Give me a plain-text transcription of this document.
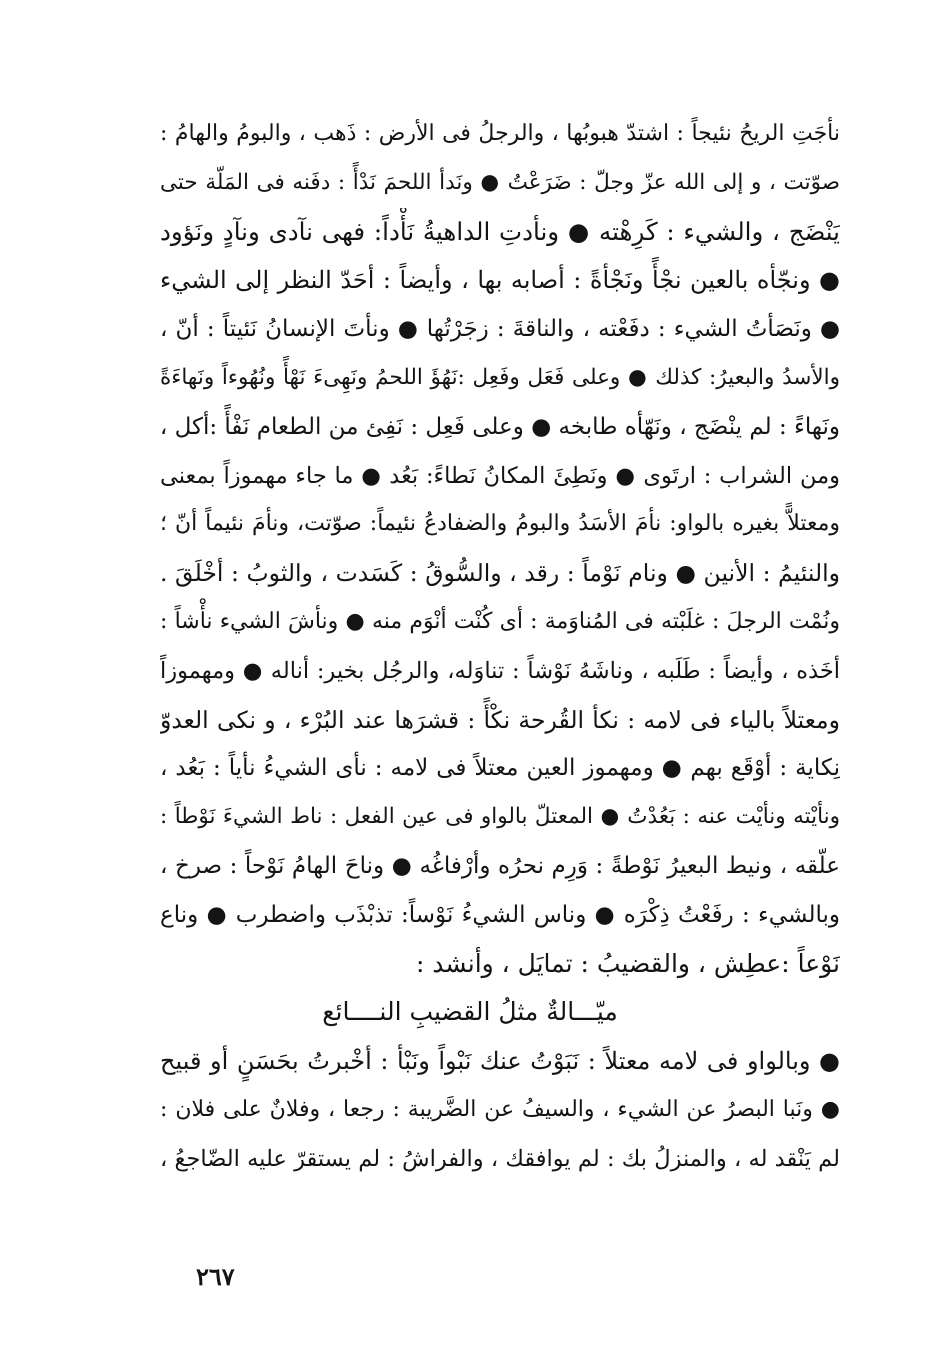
نأجَتِ الريحُ نئيجاً : اشتدّ هبوبُها ، والرجلُ فى الأرض : ذَهب ، والبومُ والهامُ :
صوّتت ، و إلى الله عزّ وجلّ : ضَرَعْتُ ● ونَدأ اللحمَ نَدْأً : دفَنه فى المَلّة حتى
يَنْضَج ، والشيء : كَرِهْته ● ونأدتِ الداهيةُ نَأْداً: فهى نآدى ونآدٍ ونَؤود
● ونجّأه بالعين نجْأً ونَجْأةً : أصابه بها ، وأيضاً : أحَدّ النظر إلى الشيء
● ونَصَأتُ الشيء : دفَعْته ، والناقةَ : زجَرْتُها ● ونأتَ الإنسانُ نَئيتاً : أنّ ،
والأسدُ والبعيرُ: كذلك ● وعلى فَعَل وفَعِل :نَهُؤَ اللحمُ ونَهِىءَ نَهْأً ونُهُوءاً ونَهاءَةً
ونَهاءً : لم ينْضَج ، ونَهّأه طابخه ● وعلى فَعِل : نَفِئ من الطعام نَفْأً :أكل ،
ومن الشراب : ارتَوى ● ونَطِئَ المكانُ نَطاءً: بَعُد ● ما جاء مهموزاً بمعنى
ومعتلاًّ بغيره بالواو: نأمَ الأسَدُ والبومُ والضفادعُ نئيماً: صوّتت، ونأمَ نئيماً أنّ ؛
والنئيمُ : الأنين ● ونام نَوْماً : رقد ، والسُّوقُ : كَسَدت ، والثوبُ : أخْلَقَ .
ونُمْت الرجلَ : غلَبْته فى المُناوَمة : أى كُنْت أنْوَم منه ● ونأشَ الشيء نأْشاً :
أخَذه ، وأيضاً : طَلَبه ، وناشَهُ نَوْشاً : تناوَله، والرجُل بخير: أناله ● ومهموزاً
ومعتلاً بالياء فى لامه : نكأ القُرحة نكْأً : قشرَها عند البُرْء ، و نكى العدوّ
نِكاية : أوْقَع بهم ● ومهموز العين معتلاً فى لامه : نأى الشيءُ نأياً : بَعُد ،
ونأيْته ونأيْت عنه : بَعُدْتُ ● المعتلّ بالواو فى عين الفعل : ناط الشيءَ نَوْطاً :
علّقه ، ونيط البعيرُ نَوْطةً : وَرِم نحرُه وأرْفاغُه ● وناحَ الهامُ نَوْحاً : صرخ ،
وبالشيء : رفَعْتُ ذِكْرَه ● وناس الشيءُ نَوْساً: تذبْذَب واضطرب ● وناع
نَوْعاً :عطِش ، والقضيبُ : تمايَل ، وأنشد :
ميّـــالةٌ مثلُ القضيبِ النــــائع
● وبالواو فى لامه معتلاً : نَبَوْتُ عنك نَبْواً ونَبْأ : أخْبرتُ بحَسَنٍ أو قبيح
● ونَبا البصرُ عن الشيء ، والسيفُ عن الضَّريبة : رجعا ، وفلانٌ على فلان :
لم يَنْقد له ، والمنزلُ بك : لم يوافقك ، والفراشُ : لم يستقرّ عليه الضّاجعُ ،
٢٦٧
